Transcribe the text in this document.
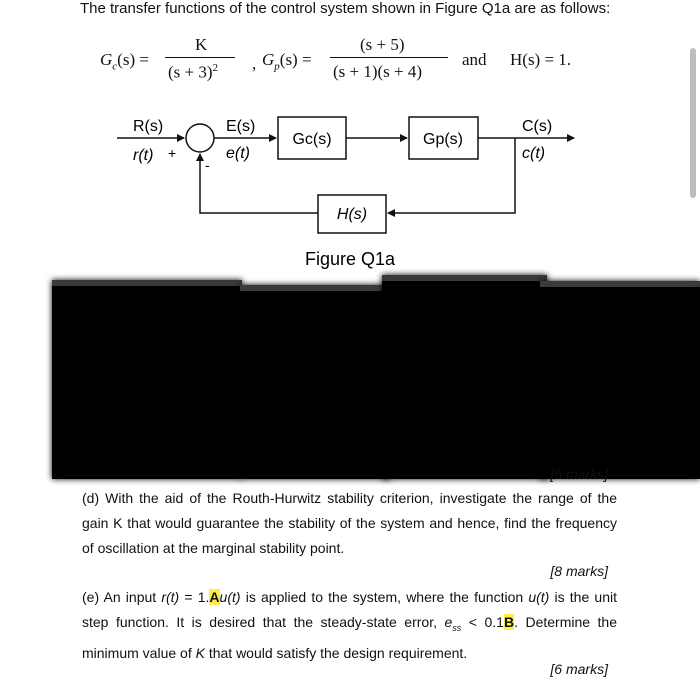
The transfer functions of the control system shown in Figure Q1a are as follows:
$G_c(s)$ =
K
$(s + 3)^2$ , $G_p(s)$ =
(s + 5)
(s + 1)(s + 4)
and H(s) = 1.
R(s)
r(t) +
-
E(s)
e(t)
Gc(s)	Gp(s)
C(s)
c(t)
H(s)
Figure Q1a
[6 marks]
(d) With the aid of the Routh-Hurwitz stability criterion, investigate the range of the gain K that would guarantee the stability of the system and hence, find the frequency of oscillation at the marginal stability point.
[8 marks]
(e) An input r(t) = 1.Au(t) is applied to the system, where the function u(t) is the unit step function. It is desired that the steady-state error, $e_{ss} < 0.1B$. Determine the minimum value of K that would satisfy the design requirement.
[6 marks]
